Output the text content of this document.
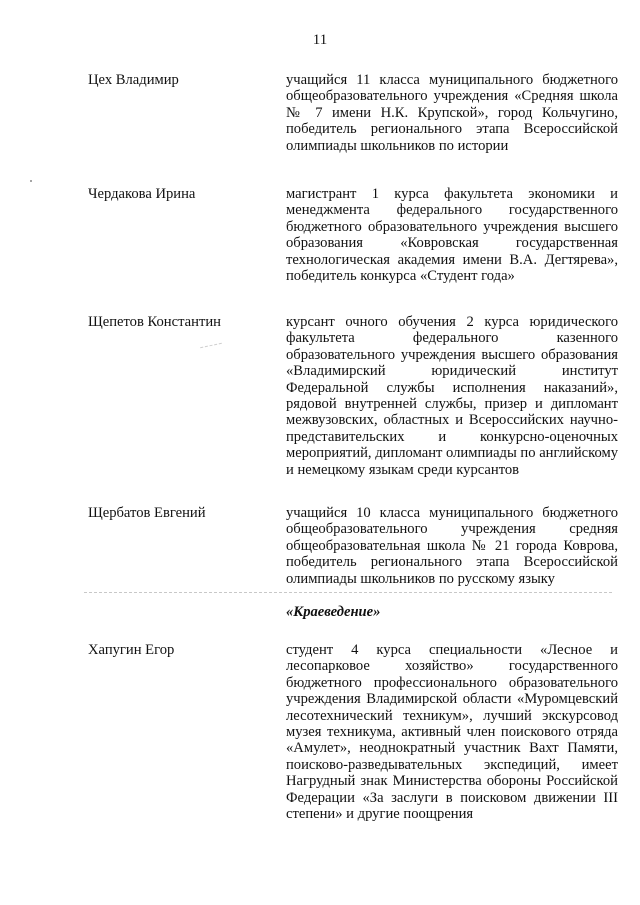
11
Цех Владимир	учащийся 11 класса муниципального бюджетного общеобразовательного учреждения «Средняя школа № 7 имени Н.К. Крупской», город Кольчугино, победитель регионального этапа Всероссийской олимпиады школьников по истории
Чердакова Ирина	магистрант 1 курса факультета экономики и менеджмента федерального государственного бюджетного образовательного учреждения высшего образования «Ковровская государственная технологическая академия имени В.А. Дегтярева», победитель конкурса «Студент года»
Щепетов Константин	курсант очного обучения 2 курса юридического факультета федерального казенного образовательного учреждения высшего образования «Владимирский юридический институт Федеральной службы исполнения наказаний», рядовой внутренней службы, призер и дипломант межвузовских, областных и Всероссийских научно-представительских и конкурсно-оценочных мероприятий, дипломант олимпиады по английскому и немецкому языкам среди курсантов
Щербатов Евгений	учащийся 10 класса муниципального бюджетного общеобразовательного учреждения средняя общеобразовательная школа № 21 города Коврова, победитель регионального этапа Всероссийской олимпиады школьников по русскому языку
«Краеведение»
Хапугин Егор	студент 4 курса специальности «Лесное и лесопарковое хозяйство» государственного бюджетного профессионального образовательного учреждения Владимирской области «Муромцевский лесотехнический техникум», лучший экскурсовод музея техникума, активный член поискового отряда «Амулет», неоднократный участник Вахт Памяти, поисково-разведывательных экспедиций, имеет Нагрудный знак Министерства обороны Российской Федерации «За заслуги в поисковом движении III степени» и другие поощрения
